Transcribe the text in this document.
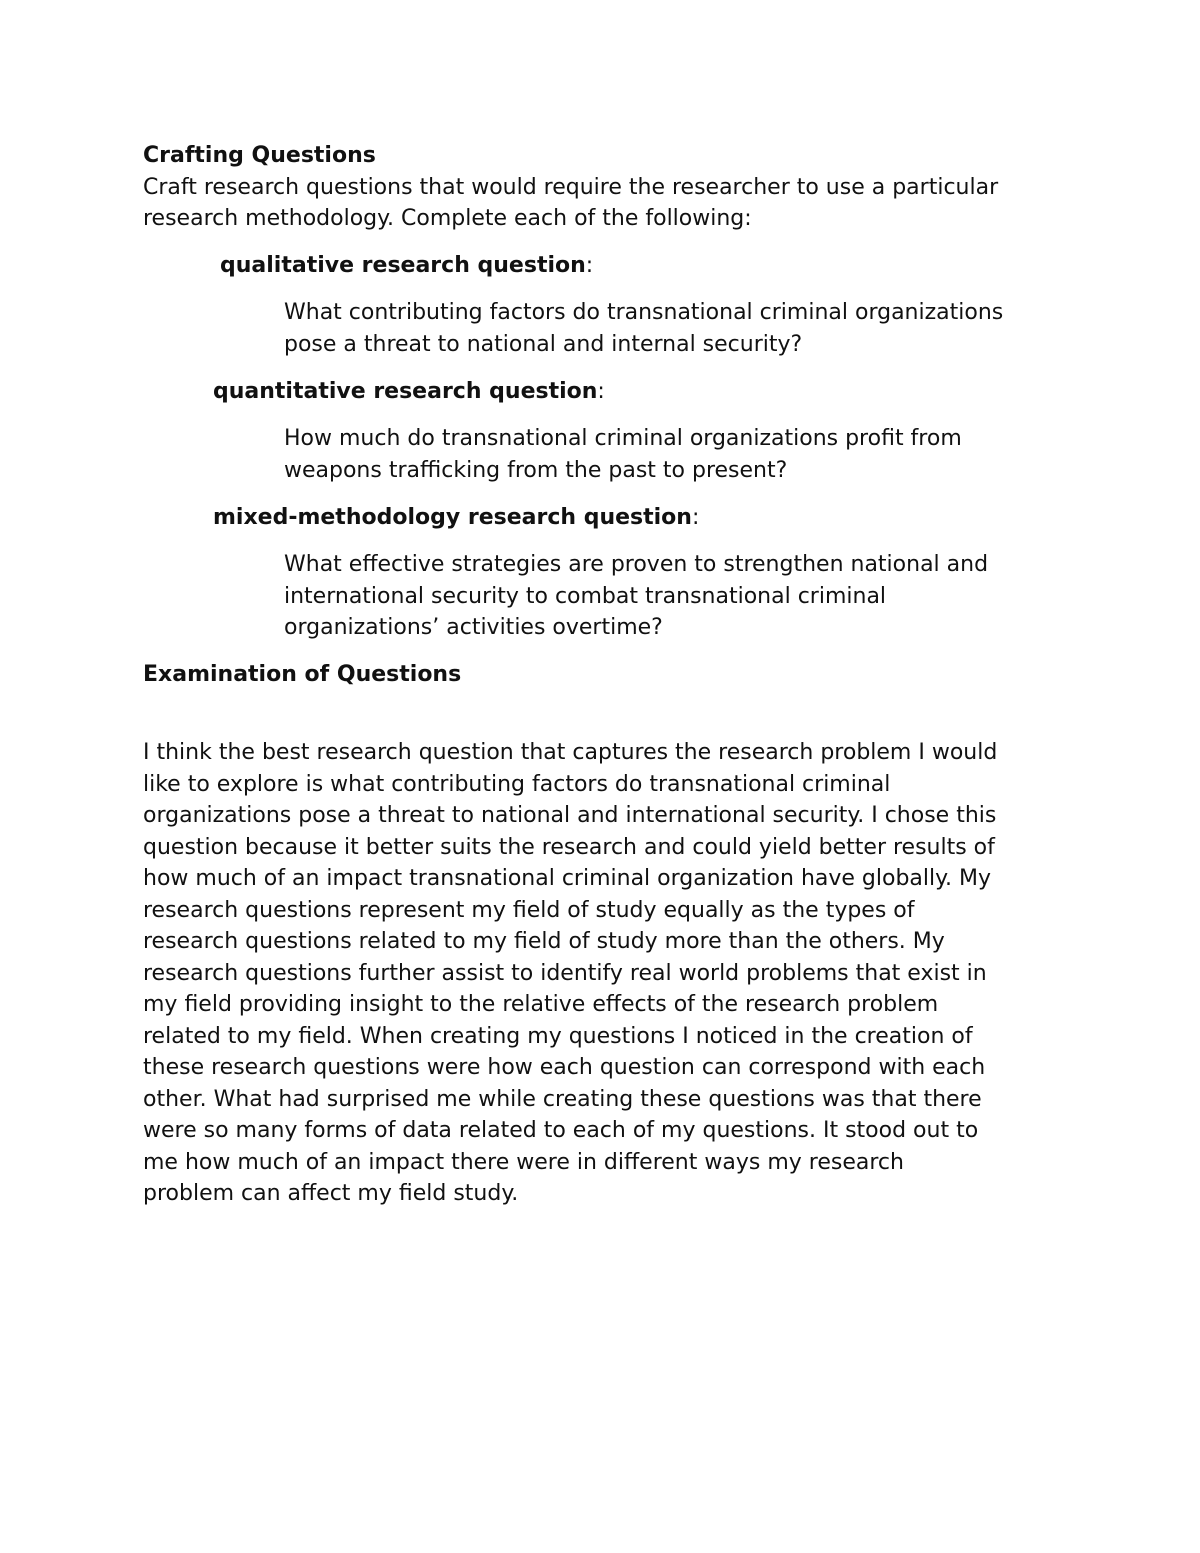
Crafting Questions
Craft research questions that would require the researcher to use a particular
research methodology. Complete each of the following:
qualitative research question:
What contributing factors do transnational criminal organizations
pose a threat to national and internal security?
quantitative research question:
How much do transnational criminal organizations profit from
weapons trafficking from the past to present?
mixed-methodology research question:
What effective strategies are proven to strengthen national and
international security to combat transnational criminal
organizations’ activities overtime?
Examination of Questions
I think the best research question that captures the research problem I would
like to explore is what contributing factors do transnational criminal
organizations pose a threat to national and international security. I chose this
question because it better suits the research and could yield better results of
how much of an impact transnational criminal organization have globally. My
research questions represent my field of study equally as the types of
research questions related to my field of study more than the others. My
research questions further assist to identify real world problems that exist in
my field providing insight to the relative effects of the research problem
related to my field. When creating my questions I noticed in the creation of
these research questions were how each question can correspond with each
other. What had surprised me while creating these questions was that there
were so many forms of data related to each of my questions. It stood out to
me how much of an impact there were in different ways my research
problem can affect my field study.
